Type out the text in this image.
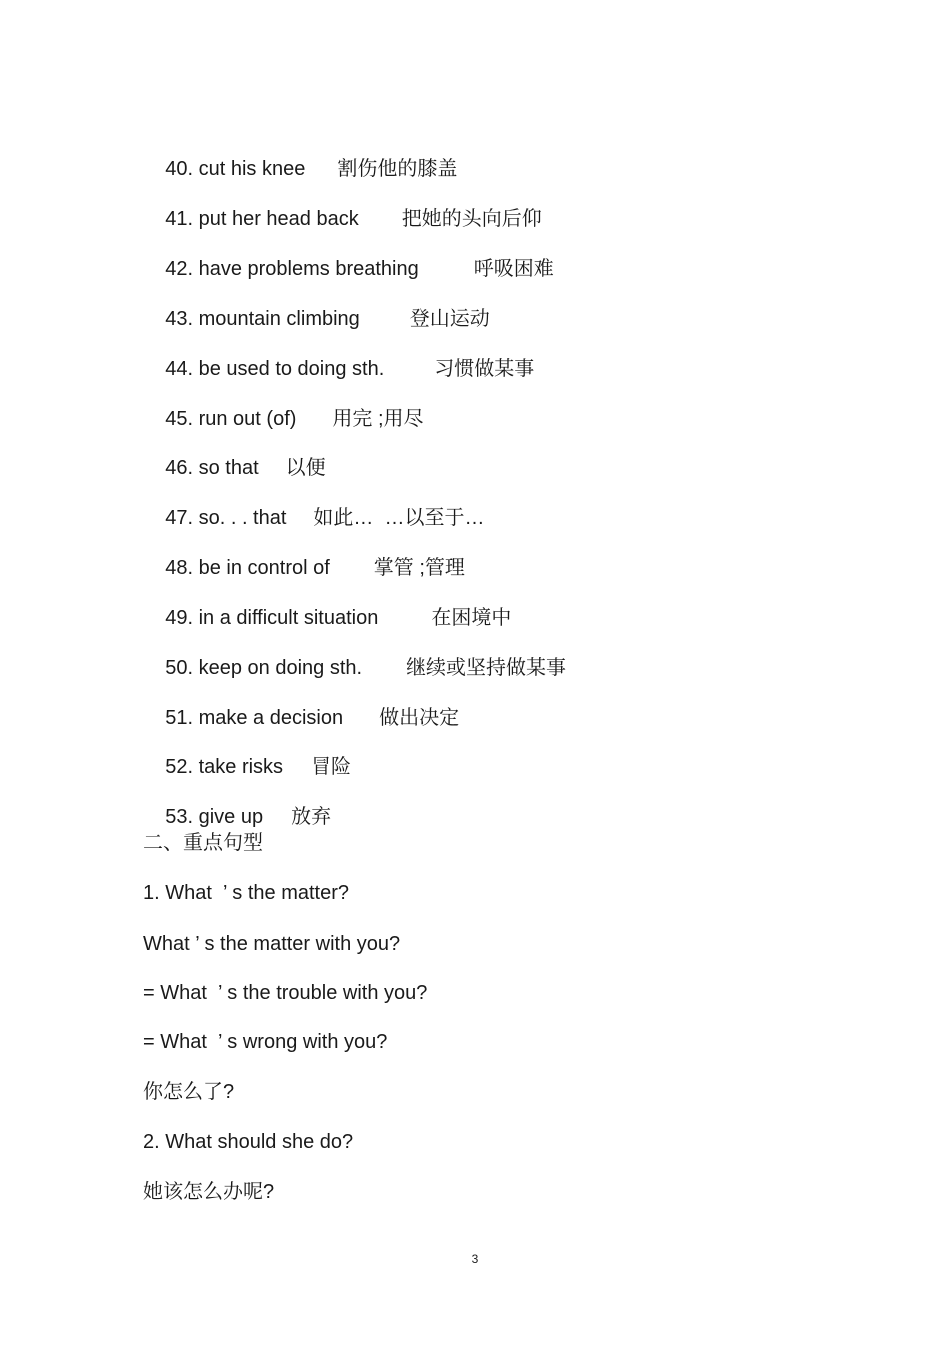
40. cut his knee 割伤他的膝盖

41. put her head back 把她的头向后仰

42. have problems breathing	呼吸困难

43. mountain climbing	登山运动

44. be used to doing sth.	习惯做某事

45. run out (of) 用完 ;用尽

46. so that 以便

47. so. . . that 如此…  …以至于…

48. be in control of 掌管 ;管理

49. in a difficult situation	在困境中

50. keep on doing sth. 继续或坚持做某事

51. make a decision 做出决定

52. take risks 冒险

53. give up 放弃

二、重点句型
1. What  ’ s the matter?
What ’ s the matter with you?
= What  ’ s the trouble with you?
= What  ’ s wrong with you?
你怎么了?
2. What should she do?
她该怎么办呢?
3
